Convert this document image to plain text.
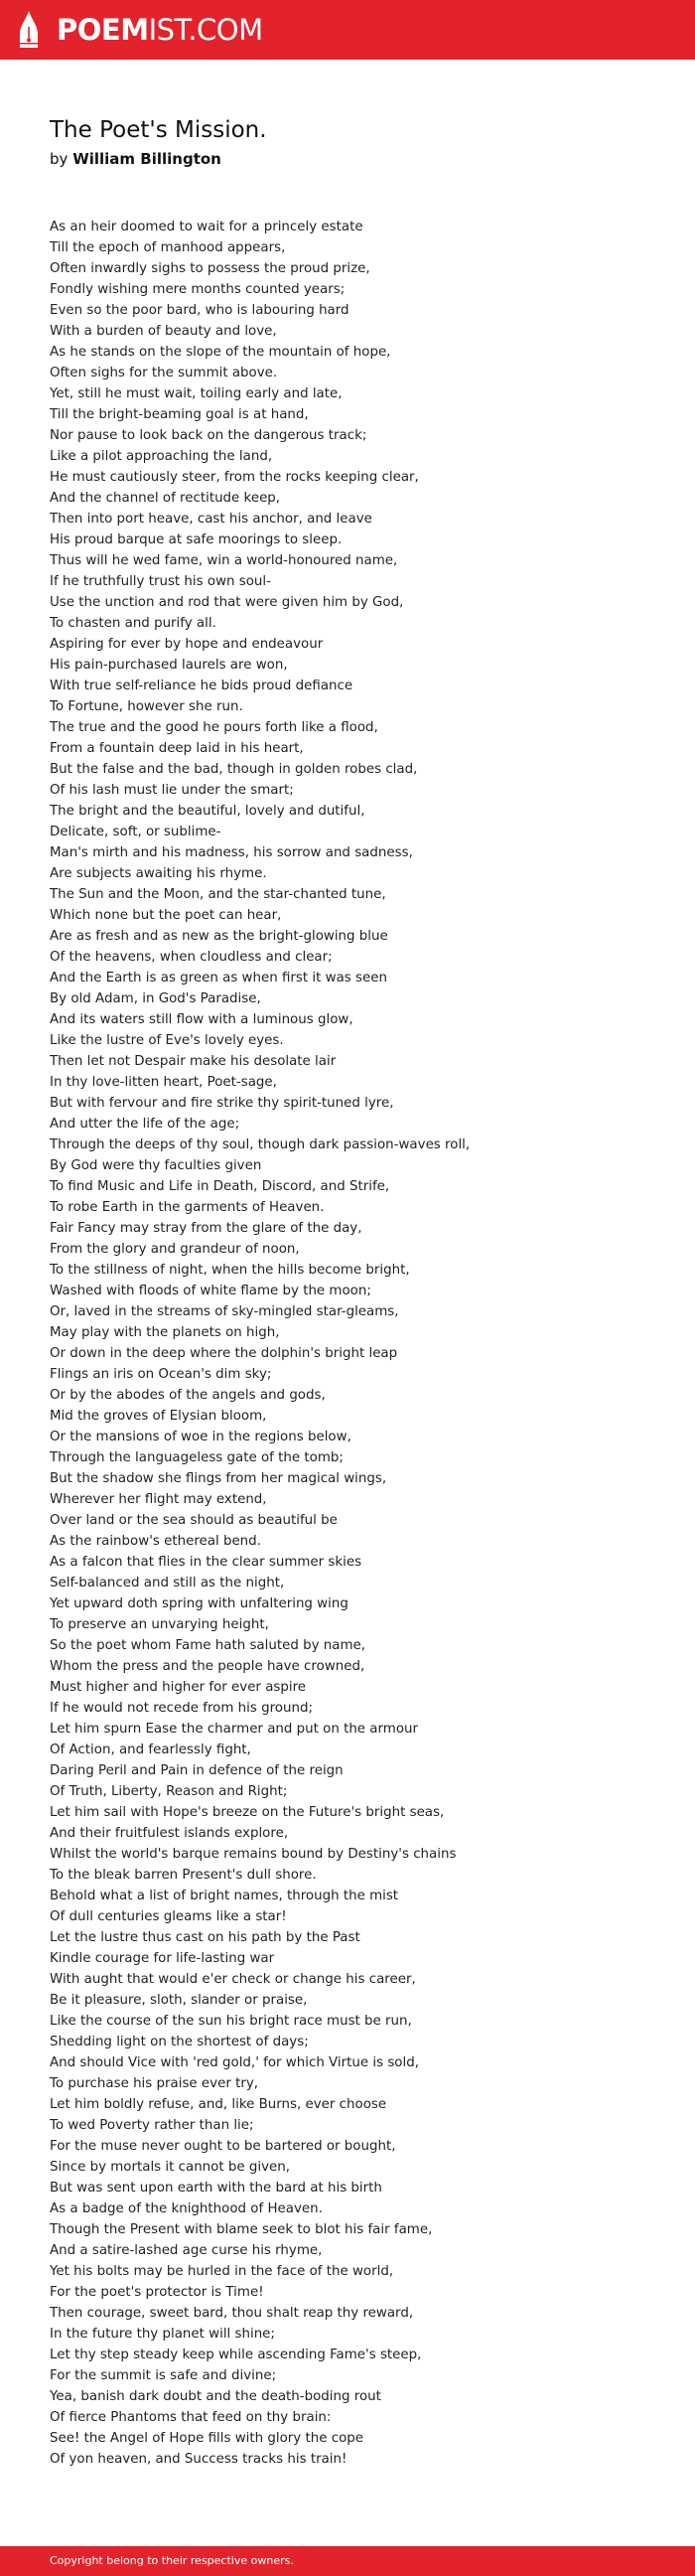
POEMIST.COM
The Poet's Mission.
by William Billington
As an heir doomed to wait for a princely estate
Till the epoch of manhood appears,
Often inwardly sighs to possess the proud prize,
Fondly wishing mere months counted years;
Even so the poor bard, who is labouring hard
With a burden of beauty and love,
As he stands on the slope of the mountain of hope,
Often sighs for the summit above.
Yet, still he must wait, toiling early and late,
Till the bright-beaming goal is at hand,
Nor pause to look back on the dangerous track;
Like a pilot approaching the land,
He must cautiously steer, from the rocks keeping clear,
And the channel of rectitude keep,
Then into port heave, cast his anchor, and leave
His proud barque at safe moorings to sleep.
Thus will he wed fame, win a world-honoured name,
If he truthfully trust his own soul-
Use the unction and rod that were given him by God,
To chasten and purify all.
Aspiring for ever by hope and endeavour
His pain-purchased laurels are won,
With true self-reliance he bids proud defiance
To Fortune, however she run.
The true and the good he pours forth like a flood,
From a fountain deep laid in his heart,
But the false and the bad, though in golden robes clad,
Of his lash must lie under the smart;
The bright and the beautiful, lovely and dutiful,
Delicate, soft, or sublime-
Man's mirth and his madness, his sorrow and sadness,
Are subjects awaiting his rhyme.
The Sun and the Moon, and the star-chanted tune,
Which none but the poet can hear,
Are as fresh and as new as the bright-glowing blue
Of the heavens, when cloudless and clear;
And the Earth is as green as when first it was seen
By old Adam, in God's Paradise,
And its waters still flow with a luminous glow,
Like the lustre of Eve's lovely eyes.
Then let not Despair make his desolate lair
In thy love-litten heart, Poet-sage,
But with fervour and fire strike thy spirit-tuned lyre,
And utter the life of the age;
Through the deeps of thy soul, though dark passion-waves roll,
By God were thy faculties given
To find Music and Life in Death, Discord, and Strife,
To robe Earth in the garments of Heaven.
Fair Fancy may stray from the glare of the day,
From the glory and grandeur of noon,
To the stillness of night, when the hills become bright,
Washed with floods of white flame by the moon;
Or, laved in the streams of sky-mingled star-gleams,
May play with the planets on high,
Or down in the deep where the dolphin's bright leap
Flings an iris on Ocean's dim sky;
Or by the abodes of the angels and gods,
Mid the groves of Elysian bloom,
Or the mansions of woe in the regions below,
Through the languageless gate of the tomb;
But the shadow she flings from her magical wings,
Wherever her flight may extend,
Over land or the sea should as beautiful be
As the rainbow's ethereal bend.
As a falcon that flies in the clear summer skies
Self-balanced and still as the night,
Yet upward doth spring with unfaltering wing
To preserve an unvarying height,
So the poet whom Fame hath saluted by name,
Whom the press and the people have crowned,
Must higher and higher for ever aspire
If he would not recede from his ground;
Let him spurn Ease the charmer and put on the armour
Of Action, and fearlessly fight,
Daring Peril and Pain in defence of the reign
Of Truth, Liberty, Reason and Right;
Let him sail with Hope's breeze on the Future's bright seas,
And their fruitfulest islands explore,
Whilst the world's barque remains bound by Destiny's chains
To the bleak barren Present's dull shore.
Behold what a list of bright names, through the mist
Of dull centuries gleams like a star!
Let the lustre thus cast on his path by the Past
Kindle courage for life-lasting war
With aught that would e'er check or change his career,
Be it pleasure, sloth, slander or praise,
Like the course of the sun his bright race must be run,
Shedding light on the shortest of days;
And should Vice with 'red gold,' for which Virtue is sold,
To purchase his praise ever try,
Let him boldly refuse, and, like Burns, ever choose
To wed Poverty rather than lie;
For the muse never ought to be bartered or bought,
Since by mortals it cannot be given,
But was sent upon earth with the bard at his birth
As a badge of the knighthood of Heaven.
Though the Present with blame seek to blot his fair fame,
And a satire-lashed age curse his rhyme,
Yet his bolts may be hurled in the face of the world,
For the poet's protector is Time!
Then courage, sweet bard, thou shalt reap thy reward,
In the future thy planet will shine;
Let thy step steady keep while ascending Fame's steep,
For the summit is safe and divine;
Yea, banish dark doubt and the death-boding rout
Of fierce Phantoms that feed on thy brain:
See! the Angel of Hope fills with glory the cope
Of yon heaven, and Success tracks his train!
Copyright belong to their respective owners.
